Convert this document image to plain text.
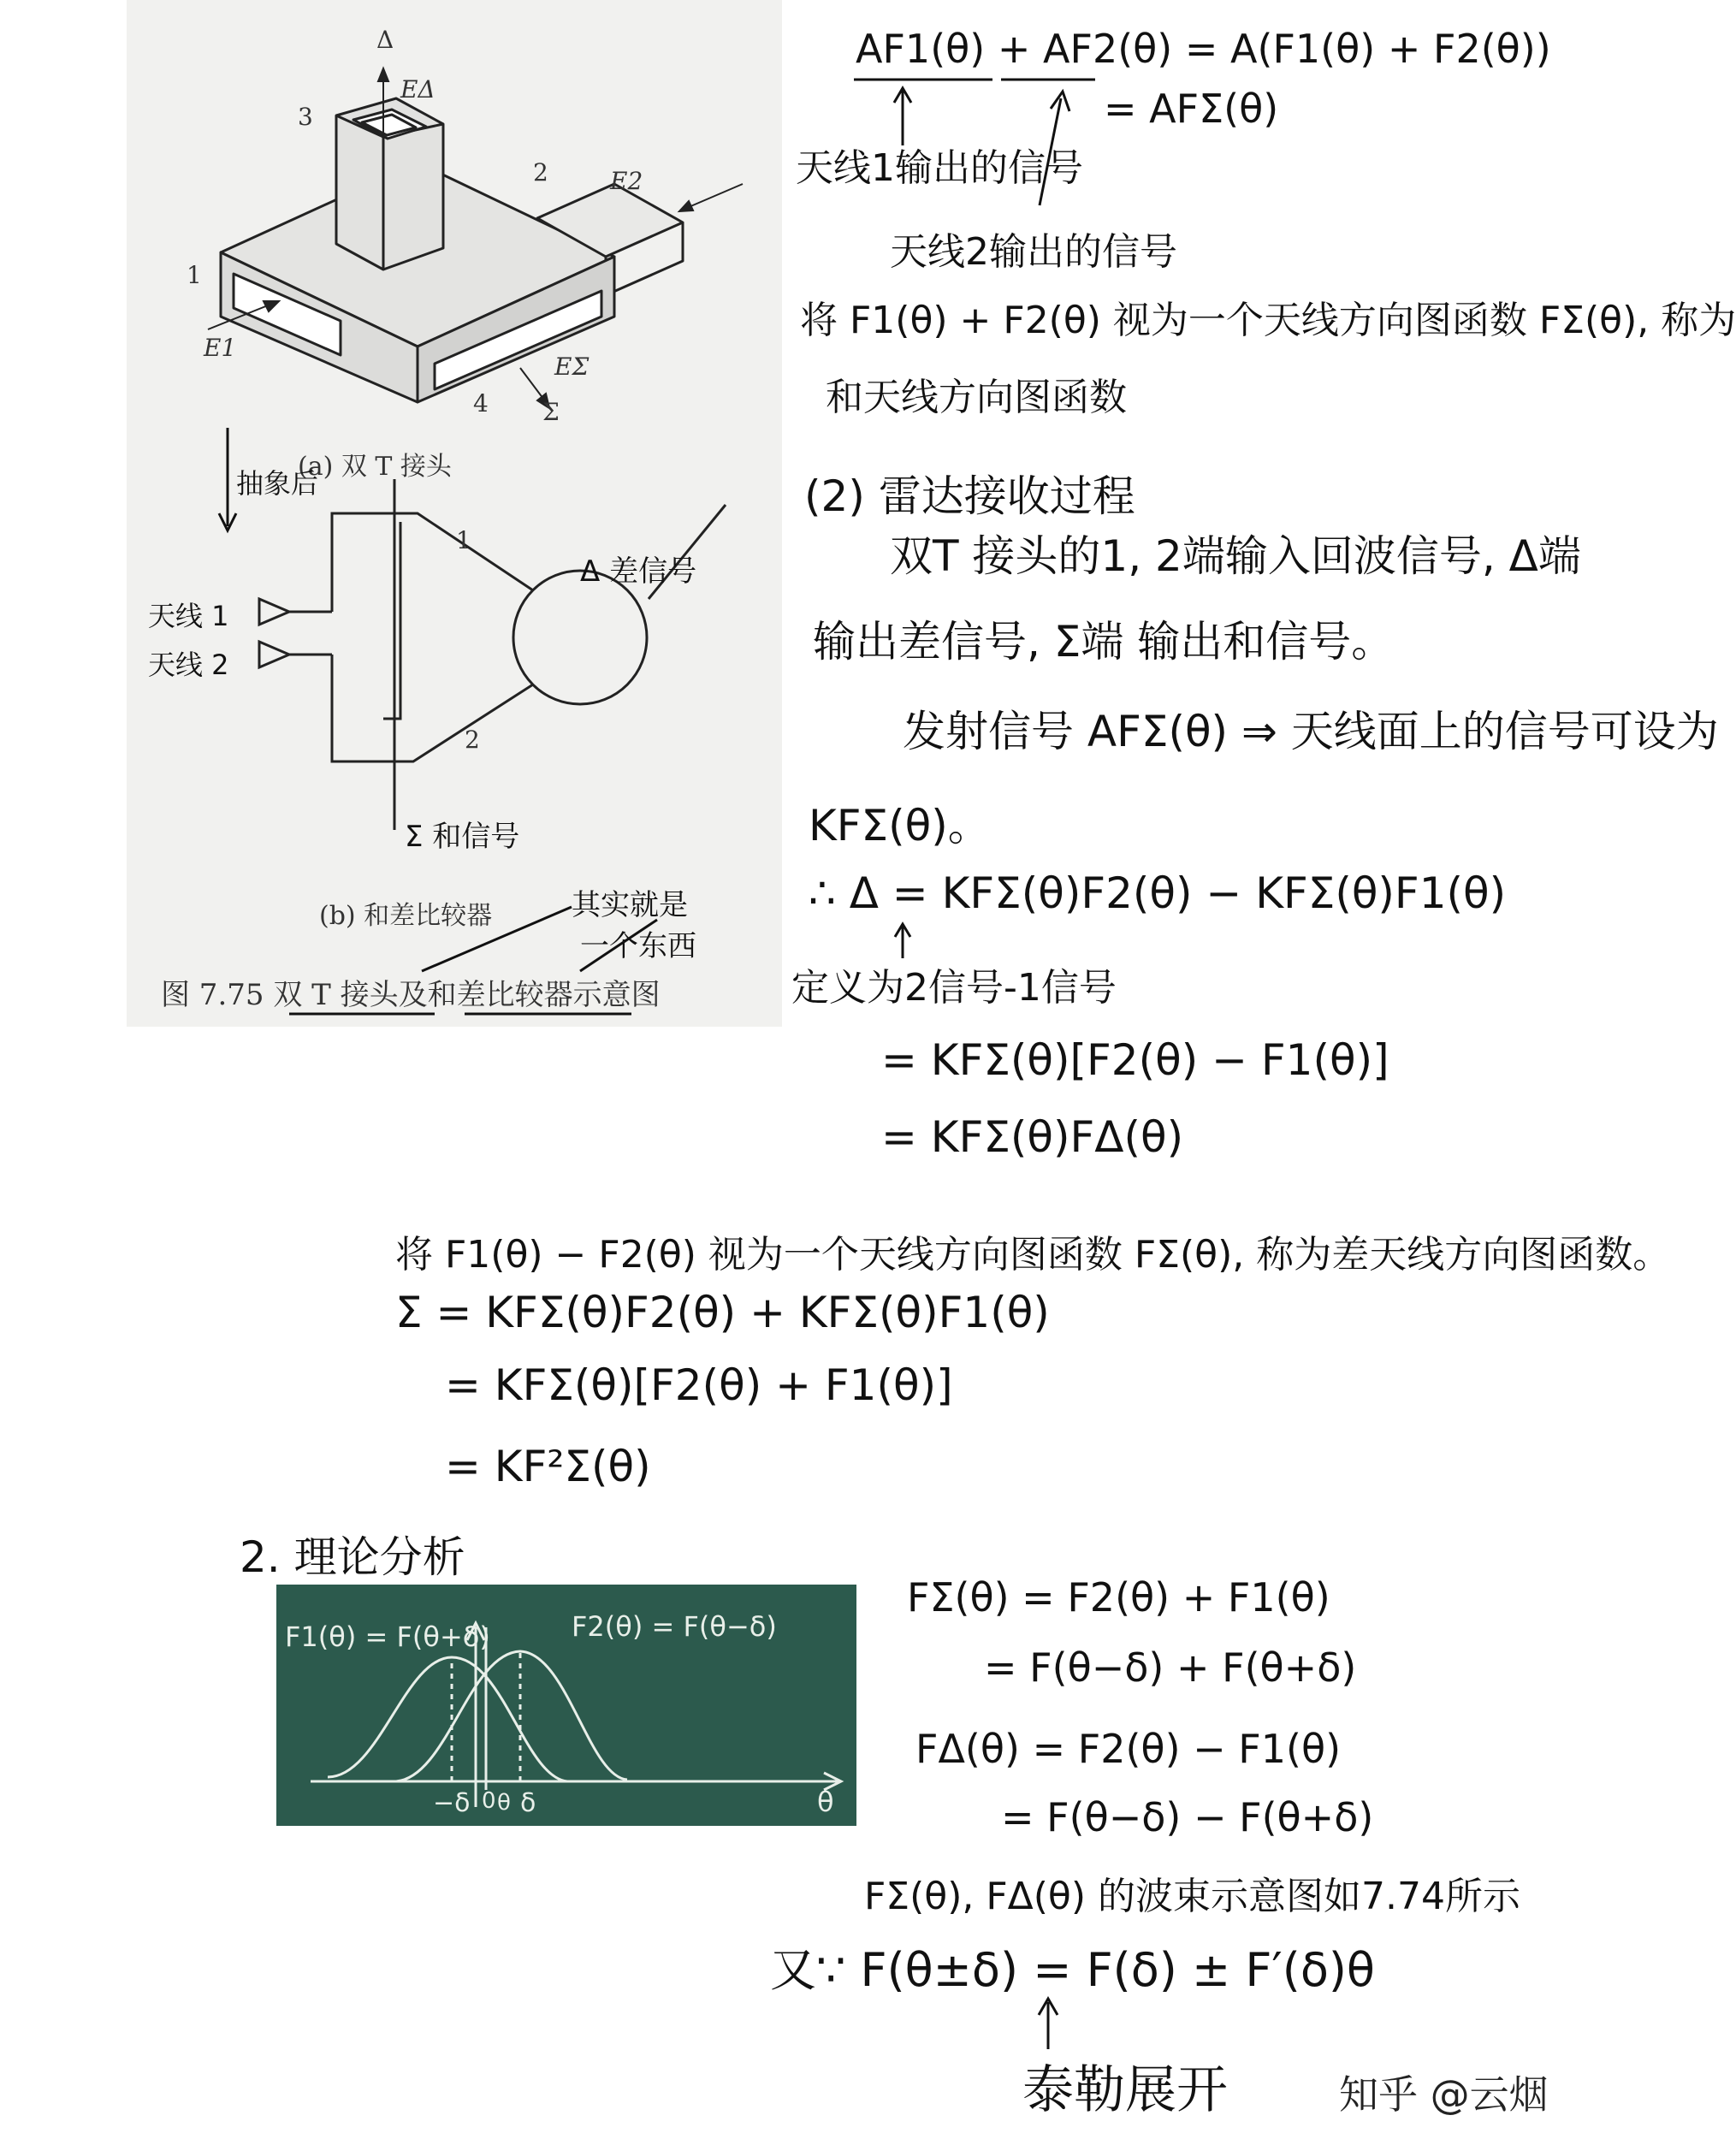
Δ
EΔ
3
2	E2
1
E1
EΣ
4 Σ
(a) 双 T 接头
抽象后
天线 1
天线 2
1
2
Δ 差信号
Σ 和信号
(b) 和差比较器	其实就是
一个东西
图 7.75 双 T 接头及和差比较器示意图
AF1(θ) + AF2(θ) = A(F1(θ) + F2(θ))
= AFΣ(θ)
天线1输出的信号
天线2输出的信号
将 F1(θ) + F2(θ) 视为一个天线方向图函数 FΣ(θ), 称为
和天线方向图函数
(2) 雷达接收过程
双T 接头的1, 2端输入回波信号, Δ端
输出差信号, Σ端 输出和信号。
发射信号 AFΣ(θ) ⇒ 天线面上的信号可设为
KFΣ(θ)。
∴ Δ = KFΣ(θ)F2(θ) − KFΣ(θ)F1(θ)
定义为2信号-1信号
= KFΣ(θ)[F2(θ) − F1(θ)]
= KFΣ(θ)FΔ(θ)
将 F1(θ) − F2(θ) 视为一个天线方向图函数 FΣ(θ), 称为差天线方向图函数。
Σ = KFΣ(θ)F2(θ) + KFΣ(θ)F1(θ)
= KFΣ(θ)[F2(θ) + F1(θ)]
= KF²Σ(θ)
2. 理论分析
F1(θ) = F(θ+δ)	F2(θ) = F(θ−δ)
−δ 0 θ δ	θ
FΣ(θ) = F2(θ) + F1(θ)
= F(θ−δ) + F(θ+δ)
FΔ(θ) = F2(θ) − F1(θ)
= F(θ−δ) − F(θ+δ)
FΣ(θ), FΔ(θ) 的波束示意图如7.74所示
又∵ F(θ±δ) = F(δ) ± F′(δ)θ
泰勒展开	知乎 @云烟
